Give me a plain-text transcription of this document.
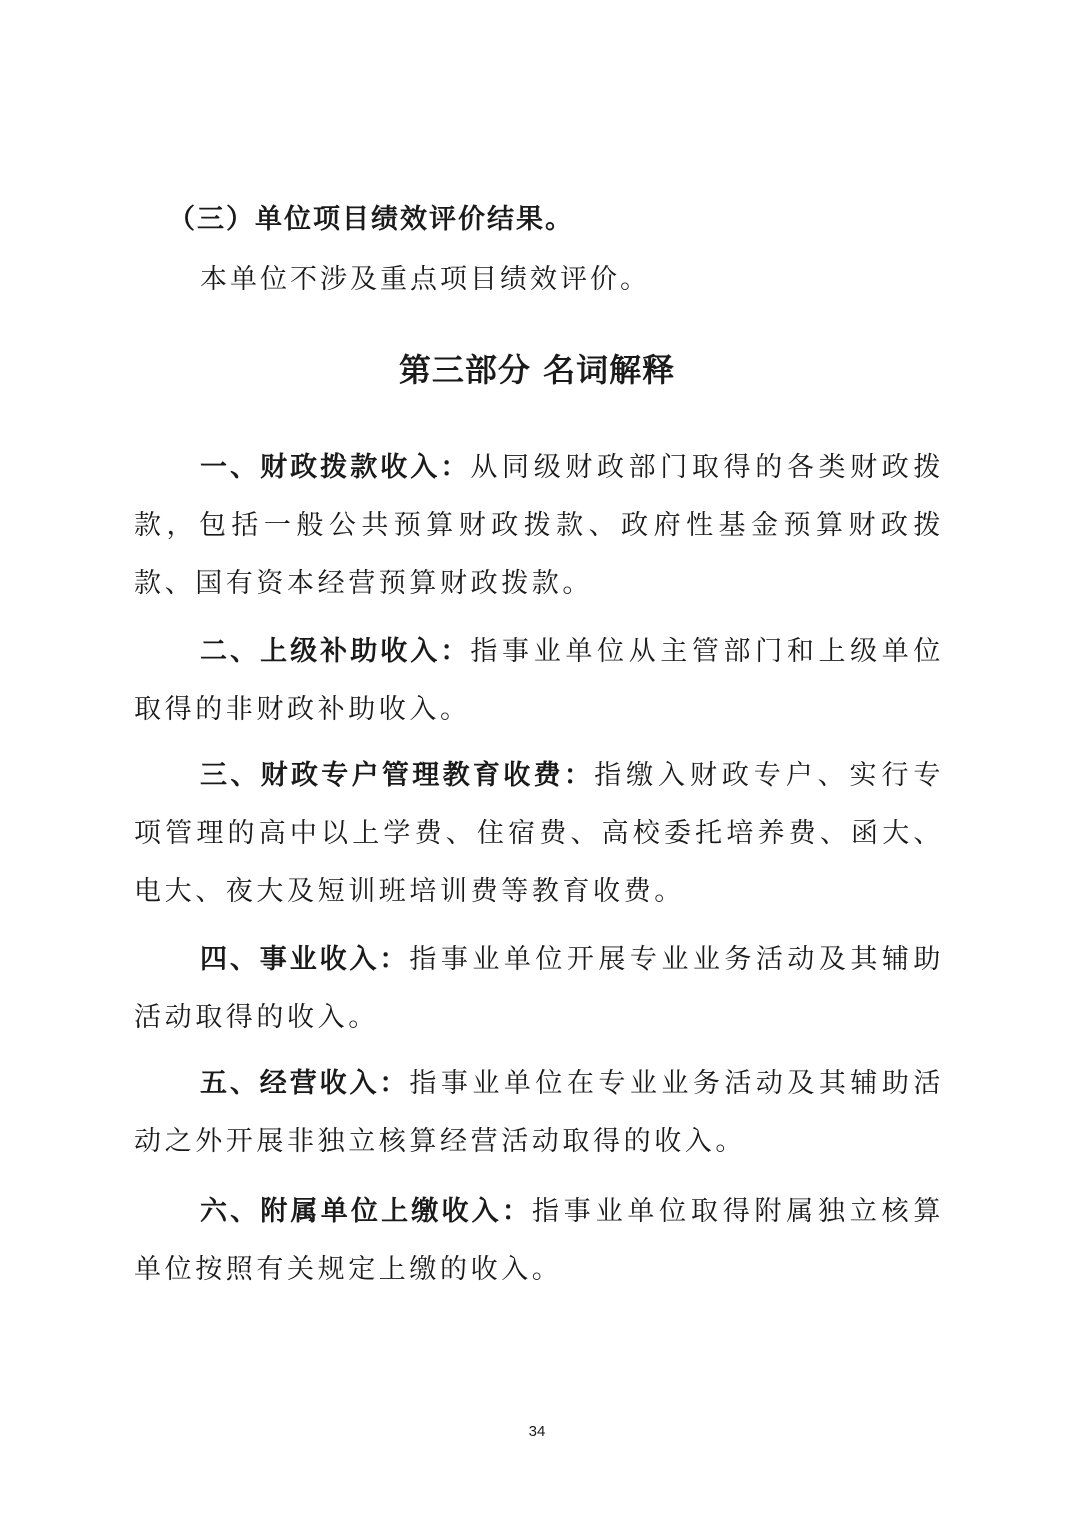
（三）单位项目绩效评价结果。
本单位不涉及重点项目绩效评价。
第三部分 名词解释

一、财政拨款收入：从同级财政部门取得的各类财政拨款，包括一般公共预算财政拨款、政府性基金预算财政拨款、国有资本经营预算财政拨款。

二、上级补助收入：指事业单位从主管部门和上级单位取得的非财政补助收入。

三、财政专户管理教育收费：指缴入财政专户、实行专项管理的高中以上学费、住宿费、高校委托培养费、函大、电大、夜大及短训班培训费等教育收费。

四、事业收入：指事业单位开展专业业务活动及其辅助活动取得的收入。

五、经营收入：指事业单位在专业业务活动及其辅助活动之外开展非独立核算经营活动取得的收入。

六、附属单位上缴收入：指事业单位取得附属独立核算单位按照有关规定上缴的收入。

34
